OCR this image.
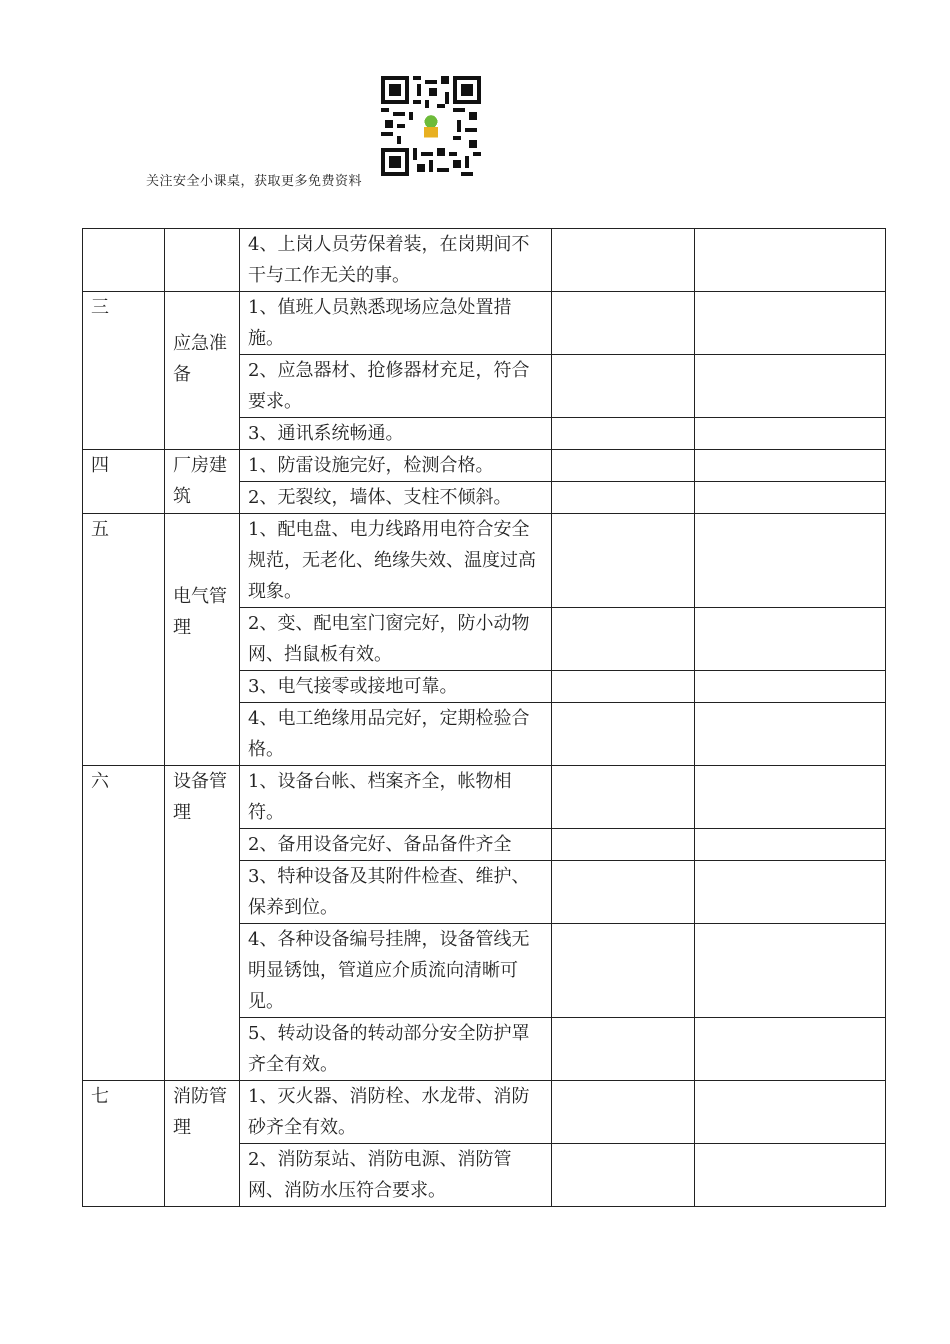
关注安全小课桌，获取更多免费资料
		4、上岗人员劳保着装，在岗期间不干与工作无关的事。		
三	应急准备	1、值班人员熟悉现场应急处置措施。		
		2、应急器材、抢修器材充足，符合要求。		
		3、通讯系统畅通。		
四	厂房建筑	1、防雷设施完好，检测合格。		
		2、无裂纹，墙体、支柱不倾斜。		
五	电气管理	1、配电盘、电力线路用电符合安全规范，无老化、绝缘失效、温度过高现象。		
		2、变、配电室门窗完好，防小动物网、挡鼠板有效。		
		3、电气接零或接地可靠。		
		4、电工绝缘用品完好，定期检验合格。		
六	设备管理	1、设备台帐、档案齐全，帐物相符。		
		2、备用设备完好、备品备件齐全		
		3、特种设备及其附件检查、维护、保养到位。		
		4、各种设备编号挂牌，设备管线无明显锈蚀，管道应介质流向清晰可见。		
		5、转动设备的转动部分安全防护罩齐全有效。		
七	消防管理	1、灭火器、消防栓、水龙带、消防砂齐全有效。		
		2、消防泵站、消防电源、消防管网、消防水压符合要求。		
